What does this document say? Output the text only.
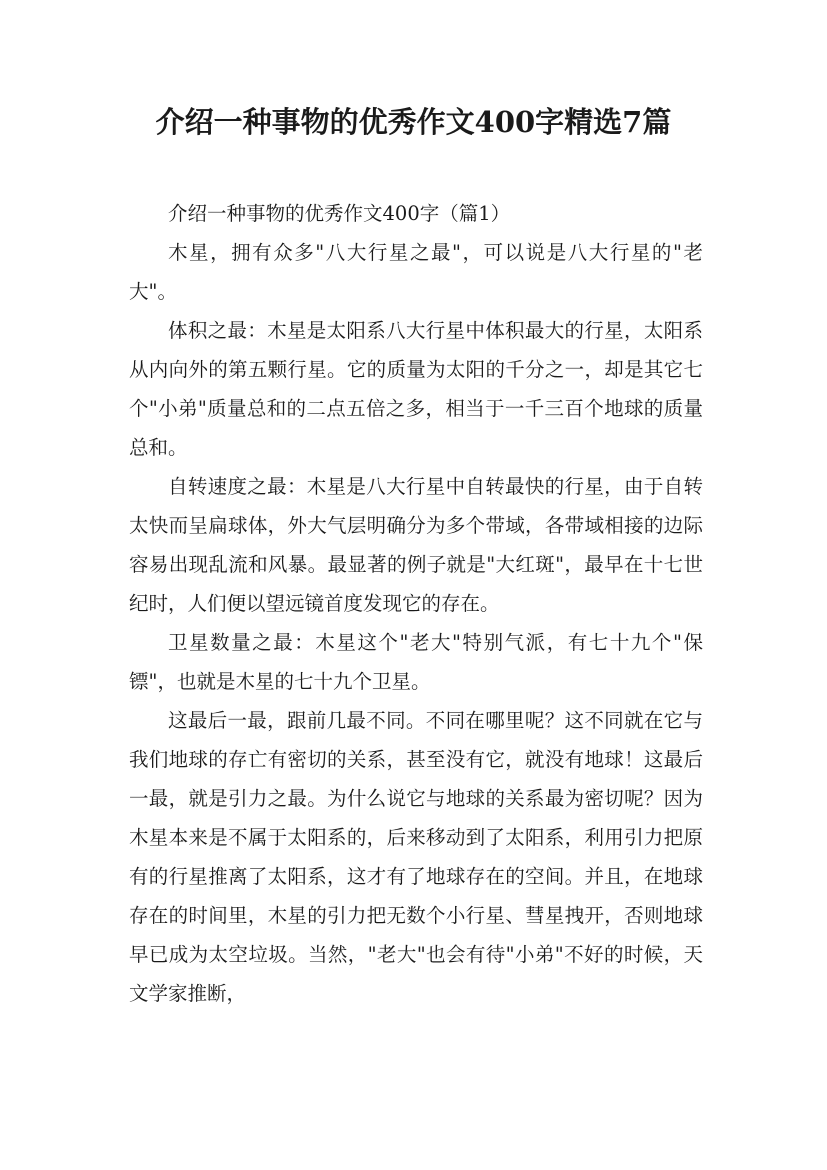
介绍一种事物的优秀作文400字精选7篇

介绍一种事物的优秀作文400字（篇1）

木星，拥有众多"八大行星之最"，可以说是八大行星的"老大"。

体积之最：木星是太阳系八大行星中体积最大的行星，太阳系从内向外的第五颗行星。它的质量为太阳的千分之一，却是其它七个"小弟"质量总和的二点五倍之多，相当于一千三百个地球的质量总和。

自转速度之最：木星是八大行星中自转最快的行星，由于自转太快而呈扁球体，外大气层明确分为多个带域，各带域相接的边际容易出现乱流和风暴。最显著的例子就是"大红斑"，最早在十七世纪时，人们便以望远镜首度发现它的存在。

卫星数量之最：木星这个"老大"特别气派，有七十九个"保镖"，也就是木星的七十九个卫星。

这最后一最，跟前几最不同。不同在哪里呢？这不同就在它与我们地球的存亡有密切的关系，甚至没有它，就没有地球！这最后一最，就是引力之最。为什么说它与地球的关系最为密切呢？因为木星本来是不属于太阳系的，后来移动到了太阳系，利用引力把原有的行星推离了太阳系，这才有了地球存在的空间。并且，在地球存在的时间里，木星的引力把无数个小行星、彗星拽开，否则地球早已成为太空垃圾。当然，"老大"也会有待"小弟"不好的时候，天文学家推断，
